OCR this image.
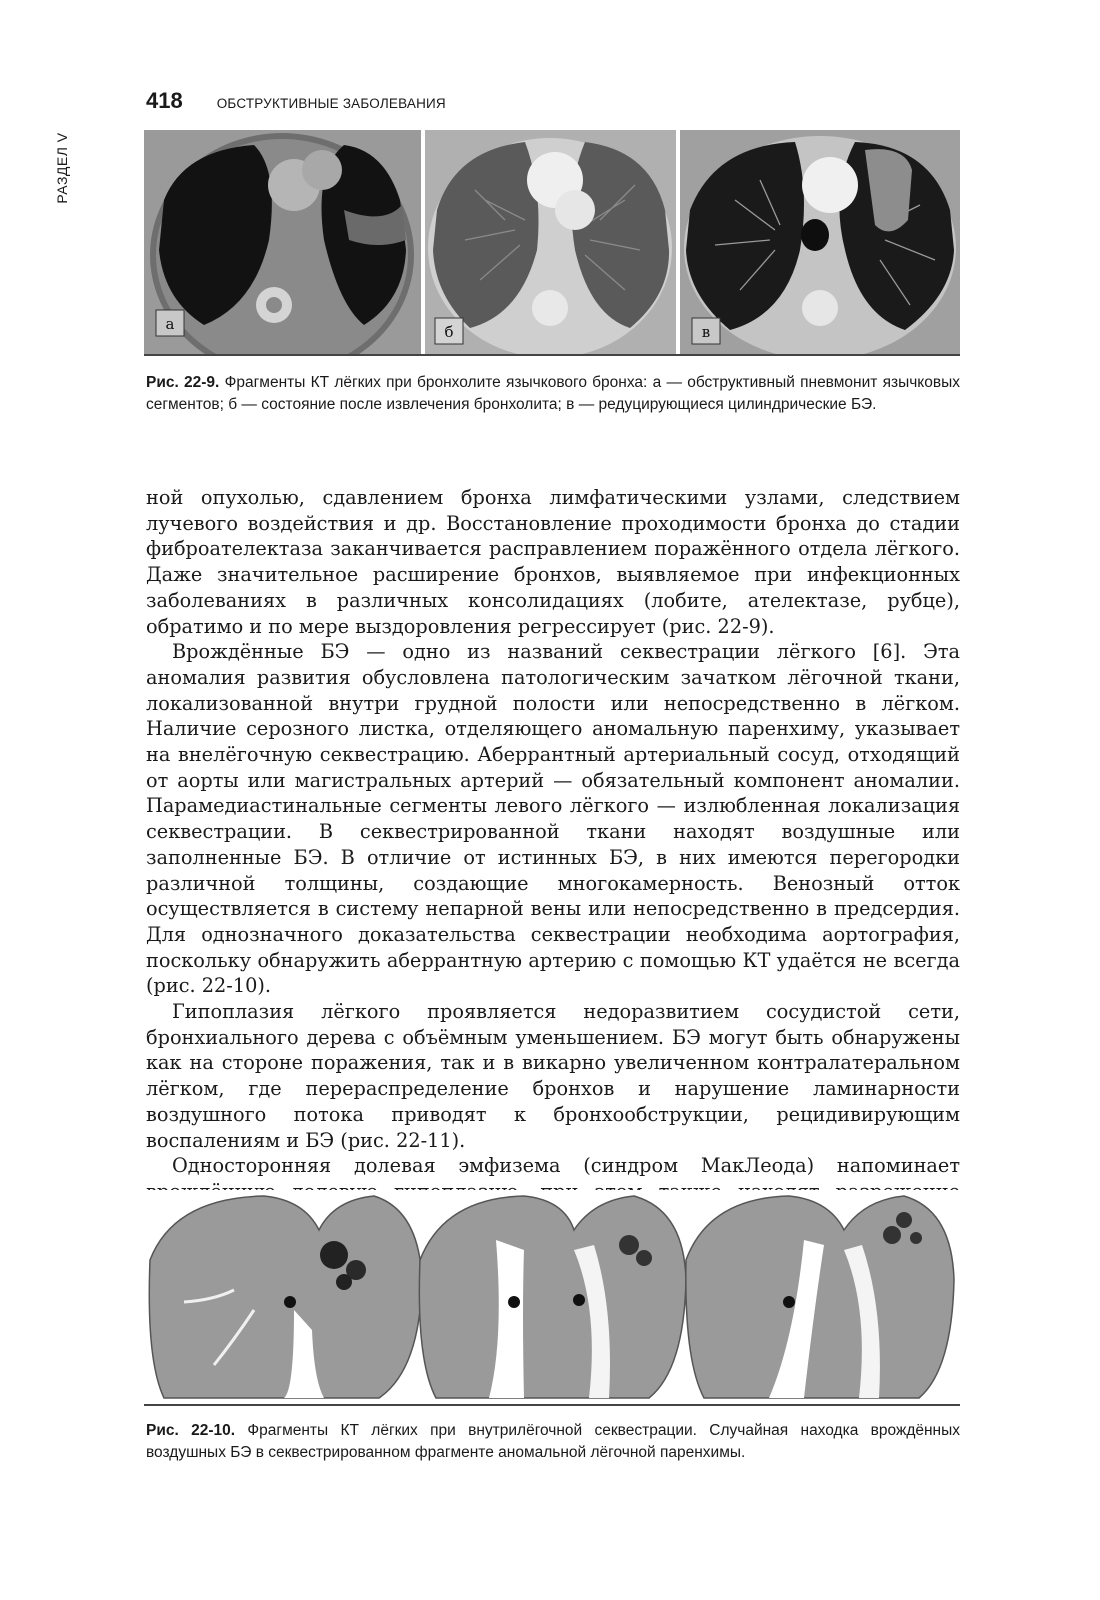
РАЗДЕЛ V
418	ОБСТРУКТИВНЫЕ ЗАБОЛЕВАНИЯ
а	б	в
Рис. 22-9. Фрагменты КТ лёгких при бронхолите язычкового бронха: а — обструктивный пневмонит язычковых сегментов; б — состояние после извлечения бронхолита; в — редуцирующиеся цилиндрические БЭ.

ной опухолью, сдавлением бронха лимфатическими узлами, следствием лучевого воздействия и др. Восстановление проходимости бронха до стадии фиброателектаза заканчивается расправлением поражённого отдела лёгкого. Даже значительное расширение бронхов, выявляемое при инфекционных заболеваниях в различных консолидациях (лобите, ателектазе, рубце), обратимо и по мере выздоровления регрессирует (рис. 22-9).

Врождённые БЭ — одно из названий секвестрации лёгкого [6]. Эта аномалия развития обусловлена патологическим зачатком лёгочной ткани, локализованной внутри грудной полости или непосредственно в лёгком. Наличие серозного листка, отделяющего аномальную паренхиму, указывает на внелёгочную секвестрацию. Аберрантный артериальный сосуд, отходящий от аорты или магистральных артерий — обязательный компонент аномалии. Парамедиастинальные сегменты левого лёгкого — излюбленная локализация секвестрации. В секвестрированной ткани находят воздушные или заполненные БЭ. В отличие от истинных БЭ, в них имеются перегородки различной толщины, создающие многокамерность. Венозный отток осуществляется в систему непарной вены или непосредственно в предсердия. Для однозначного доказательства секвестрации необходима аортография, поскольку обнаружить аберрантную артерию с помощью КТ удаётся не всегда (рис. 22-10).

Гипоплазия лёгкого проявляется недоразвитием сосудистой сети, бронхиального дерева с объёмным уменьшением. БЭ могут быть обнаружены как на стороне поражения, так и в викарно увеличенном контралатеральном лёгком, где перераспределение бронхов и нарушение ламинарности воздушного потока приводят к бронхообструкции, рецидивирующим воспалениям и БЭ (рис. 22-11).

Односторонняя долевая эмфизема (синдром МакЛеода) напоминает

Рис. 22-10. Фрагменты КТ лёгких при внутрилёгочной секвестрации. Случайная находка врождённых воздушных БЭ в секвестрированном фрагменте аномальной лёгочной паренхимы.
